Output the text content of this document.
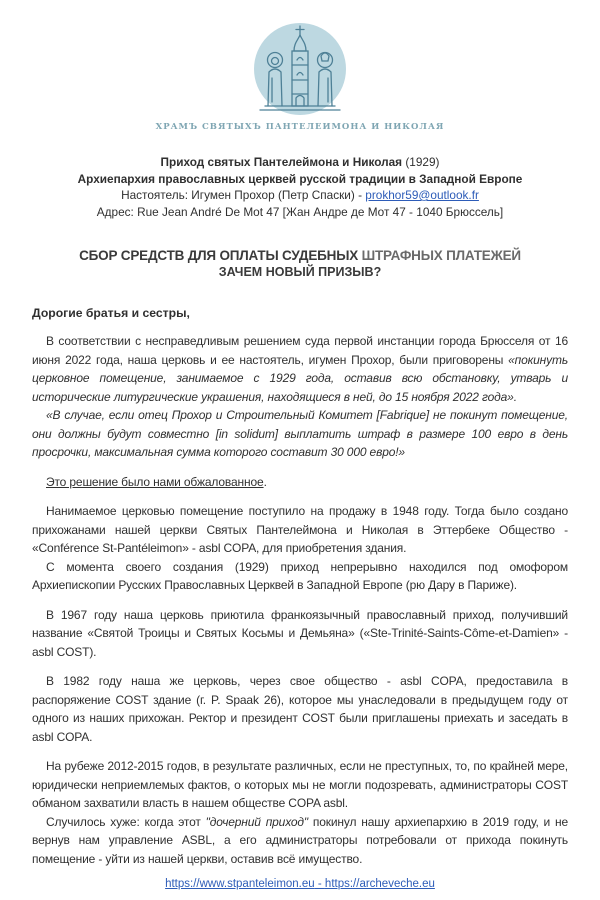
ХРАМЪ СВЯТЫХЪ ПАНТЕЛЕИМОНА И НИКОЛАЯ
Приход святых Пантелеймона и Николая (1929)
Архиепархия православных церквей русской традиции в Западной Европе
Настоятель: Игумен Прохор (Петр Спаски) - prokhor59@outlook.fr
Адрес: Rue Jean André De Mot 47 [Жан Андре де Мот 47 - 1040 Брюссель]
СБОР СРЕДСТВ ДЛЯ ОПЛАТЫ СУДЕБНЫХ ШТРАФНЫХ ПЛАТЕЖЕЙ
ЗАЧЕМ НОВЫЙ ПРИЗЫВ?
Дорогие братья и сестры,

В соответствии с несправедливым решением суда первой инстанции города Брюсселя от 16 июня 2022 года, наша церковь и ее настоятель, игумен Прохор, были приговорены «покинуть церковное помещение, занимаемое с 1929 года, оставив всю обстановку, утварь и исторические литургические украшения, находящиеся в ней, до 15 ноября 2022 года».

«В случае, если отец Прохор и Строительный Комитет [Fabrique] не покинут помещение, они должны будут совместно [in solidum] выплатить штраф в размере 100 евро в день просрочки, максимальная сумма которого составит 30 000 евро!»

Это решение было нами обжалованное.

Нанимаемое церковью помещение поступило на продажу в 1948 году. Тогда было создано прихожанами нашей церкви Святых Пантелеймона и Николая в Эттербеке Общество - «Conférence St-Pantéleimon» - asbl COPA, для приобретения здания.

С момента своего создания (1929) приход непрерывно находился под омофором Архиепископии Русских Православных Церквей в Западной Европе (рю Дару в Париже).

В 1967 году наша церковь приютила франкоязычный православный приход, получивший название «Святой Троицы и Святых Косьмы и Демьяна» («Ste-Trinité-Saints-Côme-et-Damien» - asbl COST).

В 1982 году наша же церковь, через свое общество - asbl COPA, предоставила в распоряжение COST здание (г. P. Spaak 26), которое мы унаследовали в предыдущем году от одного из наших прихожан. Ректор и президент COST были приглашены приехать и заседать в asbl COPA.

На рубеже 2012-2015 годов, в результате различных, если не преступных, то, по крайней мере, юридически неприемлемых фактов, о которых мы не могли подозревать, администраторы COST обманом захватили власть в нашем обществе COPA asbl.

Случилось хуже: когда этот "дочерний приход" покинул нашу архиепархию в 2019 году, и не вернув нам управление ASBL, а его администраторы потребовали от прихода покинуть помещение - уйти из нашей церкви, оставив всё имущество.

https://www.stpanteleimon.eu - https://archeveche.eu
